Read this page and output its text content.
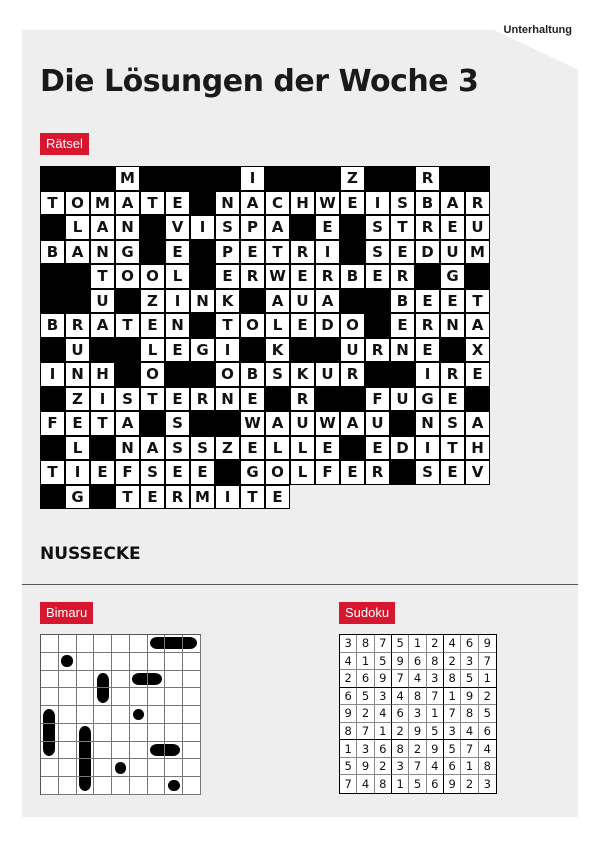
Unterhaltung
Die Lösungen der Woche 3
Rätsel
M	I	Z	R
T O M A T E	N A C H W E I S B A R
L A N	V I S P A	E	S T R E U
B A N G	E	P E T R I	S E D U M
T O O L	E R W E R B E R	G
U	Z I N K	A U A	B E E T
B R A T E N	T O L E D O	E R N A
U	L E G I	K	U R N E	X
I N H O	O B S K U R	I R E
Z I S T E R N E	R	F U G E
F E T A	S	W A U W A U	N S A
L	N A S S Z E L L E	E D I T H
T I E F S E E	G O L F E R	S E V
G	T E R M I T E
NUSSECKE
Bimaru	Sudoku
3 8 7 5 1 2 4 6 9
4 1 5 9 6 8 2 3 7
2 6 9 7 4 3 8 5 1
6 5 3 4 8 7 1 9 2
9 2 4 6 3 1 7 8 5
8 7 1 2 9 5 3 4 6
1 3 6 8 2 9 5 7 4
5 9 2 3 7 4 6 1 8
7 4 8 1 5 6 9 2 3
